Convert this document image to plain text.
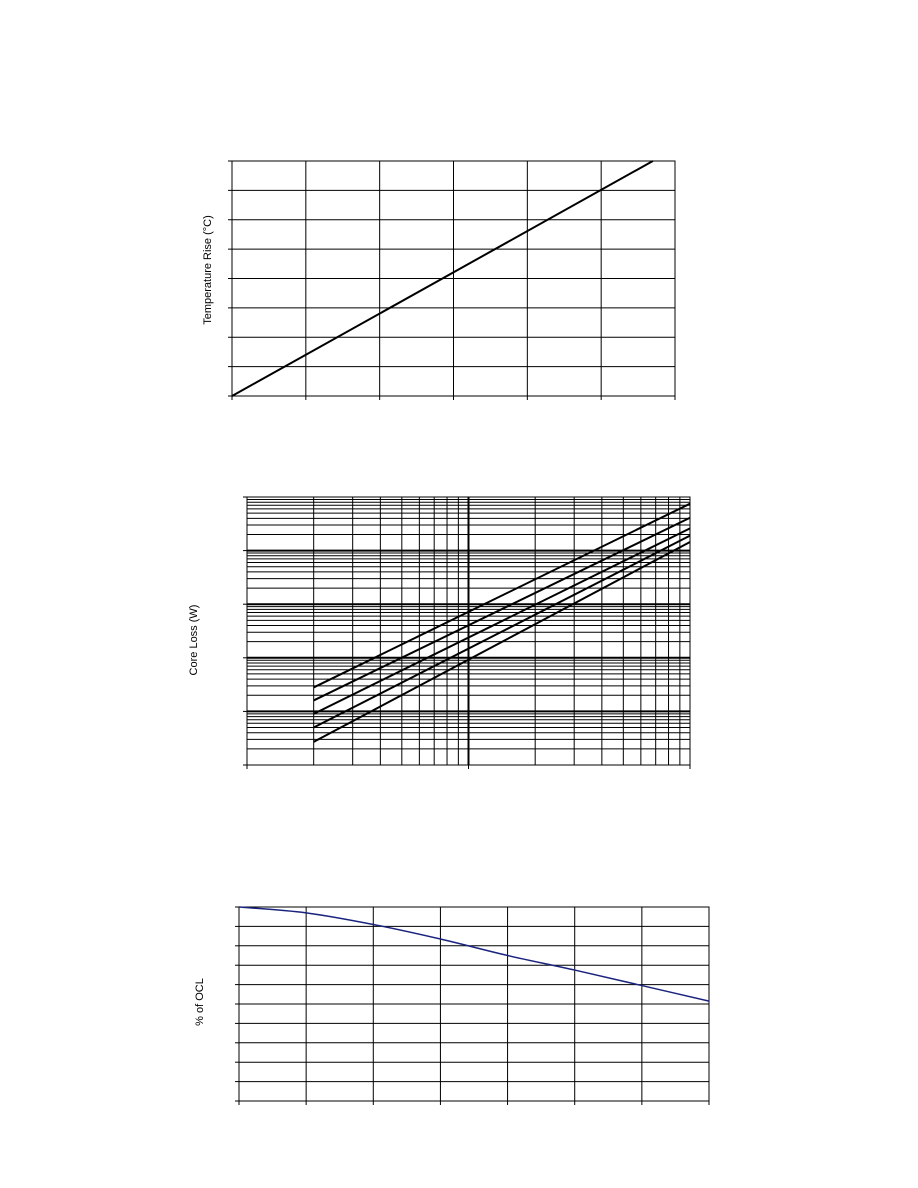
Temperature Rise (°C)
Core Loss (W)
% of OCL
